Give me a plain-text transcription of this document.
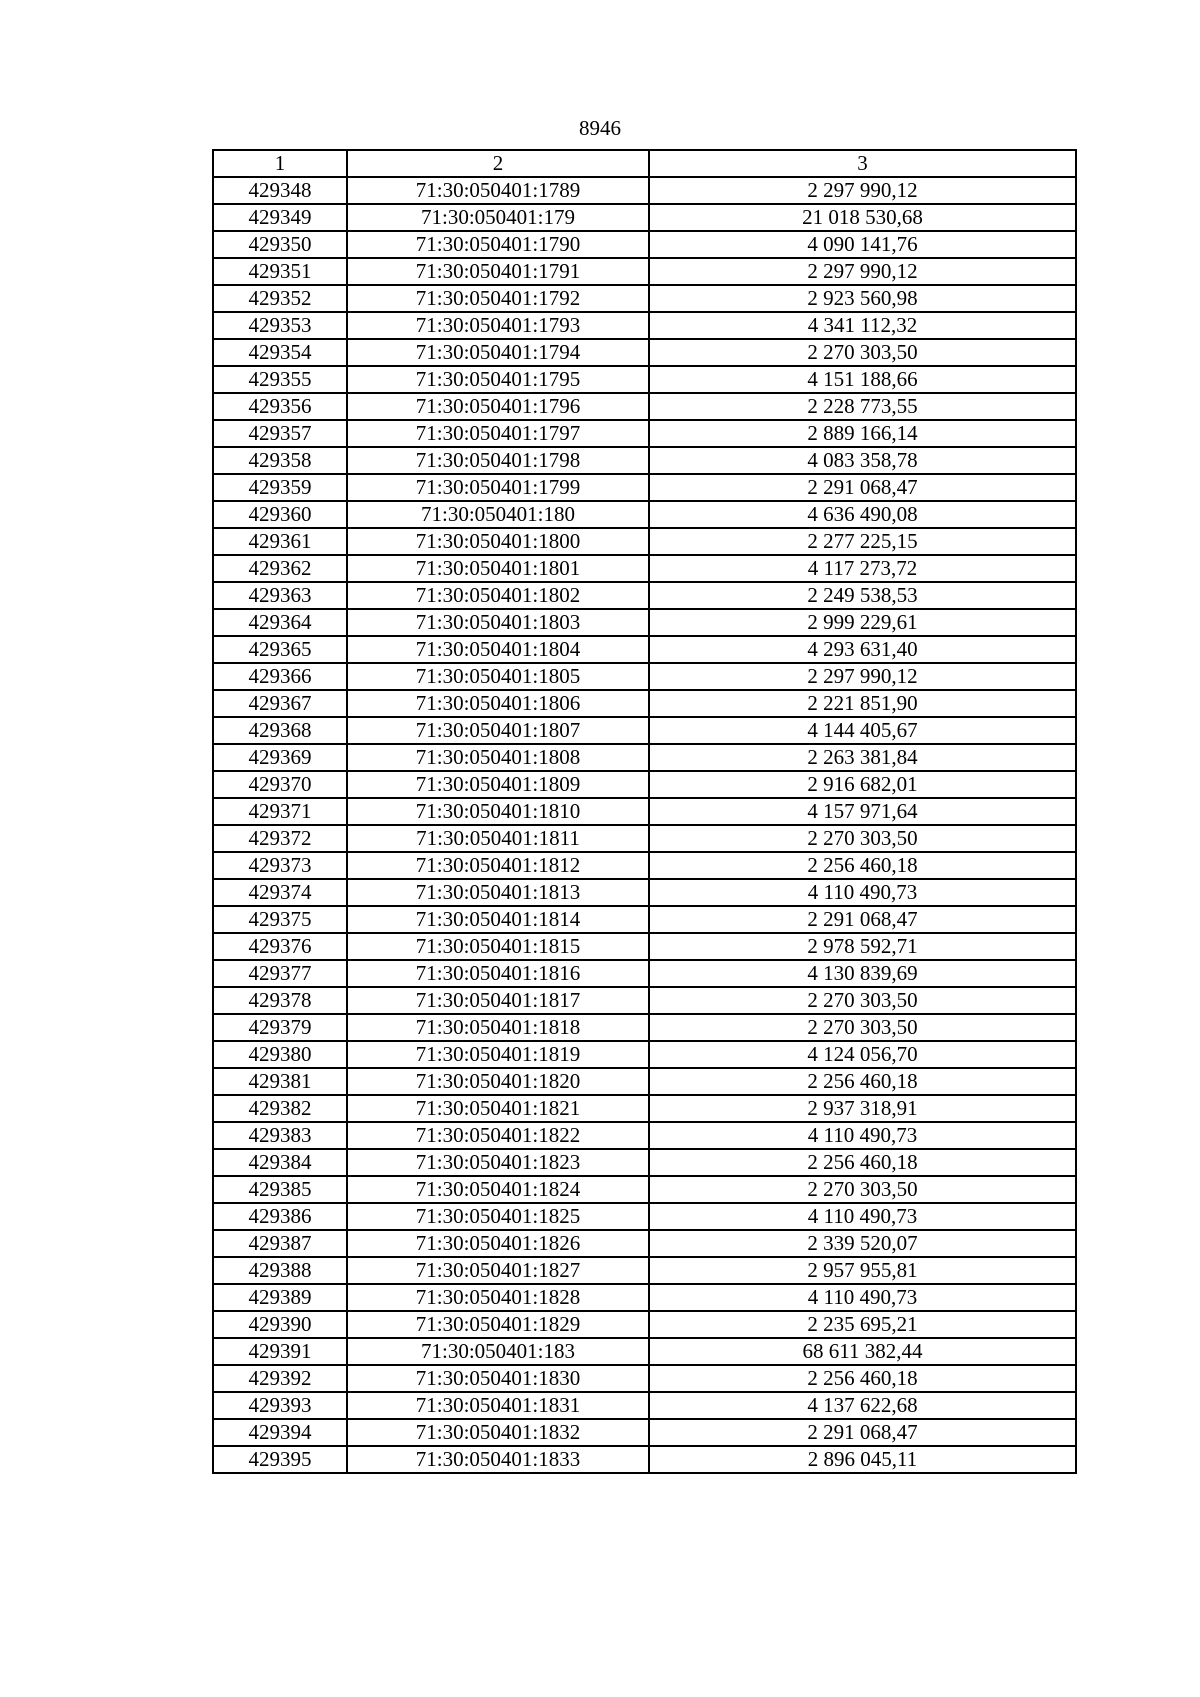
8946
1	2	3
429348	71:30:050401:1789	2 297 990,12
429349	71:30:050401:179	21 018 530,68
429350	71:30:050401:1790	4 090 141,76
429351	71:30:050401:1791	2 297 990,12
429352	71:30:050401:1792	2 923 560,98
429353	71:30:050401:1793	4 341 112,32
429354	71:30:050401:1794	2 270 303,50
429355	71:30:050401:1795	4 151 188,66
429356	71:30:050401:1796	2 228 773,55
429357	71:30:050401:1797	2 889 166,14
429358	71:30:050401:1798	4 083 358,78
429359	71:30:050401:1799	2 291 068,47
429360	71:30:050401:180	4 636 490,08
429361	71:30:050401:1800	2 277 225,15
429362	71:30:050401:1801	4 117 273,72
429363	71:30:050401:1802	2 249 538,53
429364	71:30:050401:1803	2 999 229,61
429365	71:30:050401:1804	4 293 631,40
429366	71:30:050401:1805	2 297 990,12
429367	71:30:050401:1806	2 221 851,90
429368	71:30:050401:1807	4 144 405,67
429369	71:30:050401:1808	2 263 381,84
429370	71:30:050401:1809	2 916 682,01
429371	71:30:050401:1810	4 157 971,64
429372	71:30:050401:1811	2 270 303,50
429373	71:30:050401:1812	2 256 460,18
429374	71:30:050401:1813	4 110 490,73
429375	71:30:050401:1814	2 291 068,47
429376	71:30:050401:1815	2 978 592,71
429377	71:30:050401:1816	4 130 839,69
429378	71:30:050401:1817	2 270 303,50
429379	71:30:050401:1818	2 270 303,50
429380	71:30:050401:1819	4 124 056,70
429381	71:30:050401:1820	2 256 460,18
429382	71:30:050401:1821	2 937 318,91
429383	71:30:050401:1822	4 110 490,73
429384	71:30:050401:1823	2 256 460,18
429385	71:30:050401:1824	2 270 303,50
429386	71:30:050401:1825	4 110 490,73
429387	71:30:050401:1826	2 339 520,07
429388	71:30:050401:1827	2 957 955,81
429389	71:30:050401:1828	4 110 490,73
429390	71:30:050401:1829	2 235 695,21
429391	71:30:050401:183	68 611 382,44
429392	71:30:050401:1830	2 256 460,18
429393	71:30:050401:1831	4 137 622,68
429394	71:30:050401:1832	2 291 068,47
429395	71:30:050401:1833	2 896 045,11
